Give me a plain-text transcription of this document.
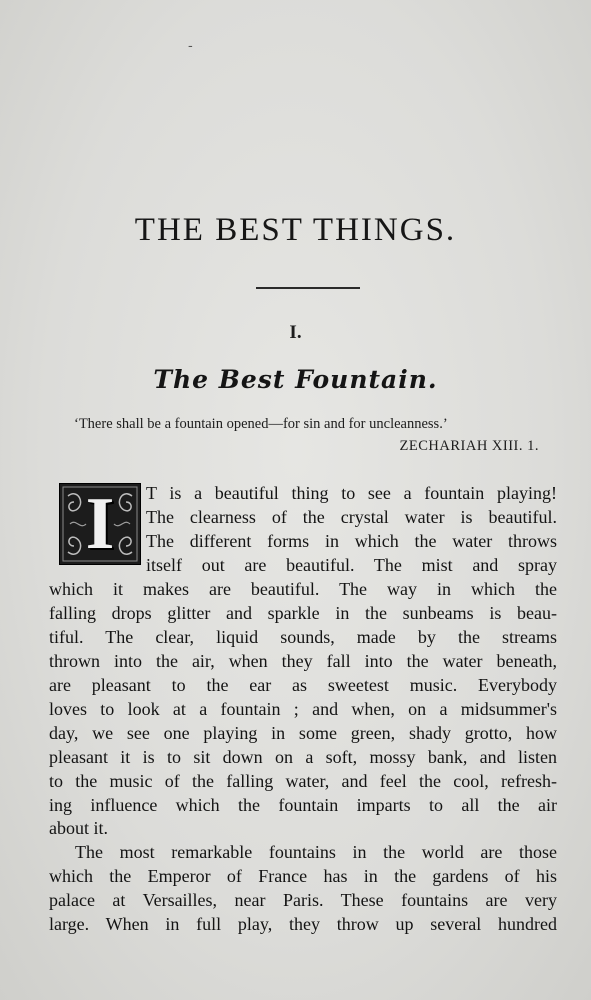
-
THE BEST THINGS.
I.
The Best Fountain.
‘There shall be a fountain opened—for sin and for uncleanness.’
ZECHARIAH XIII. 1.
I	T is a beautiful thing to see a fountain playing!
The clearness of the crystal water is beautiful.
The different forms in which the water throws
itself out are beautiful. The mist and spray
which it makes are beautiful. The way in which the
falling drops glitter and sparkle in the sunbeams is beau-
tiful. The clear, liquid sounds, made by the streams
thrown into the air, when they fall into the water beneath,
are pleasant to the ear as sweetest music. Everybody
loves to look at a fountain ; and when, on a midsummer's
day, we see one playing in some green, shady grotto, how
pleasant it is to sit down on a soft, mossy bank, and listen
to the music of the falling water, and feel the cool, refresh-
ing influence which the fountain imparts to all the air
about it.
The most remarkable fountains in the world are those
which the Emperor of France has in the gardens of his
palace at Versailles, near Paris. These fountains are very
large. When in full play, they throw up several hundred
